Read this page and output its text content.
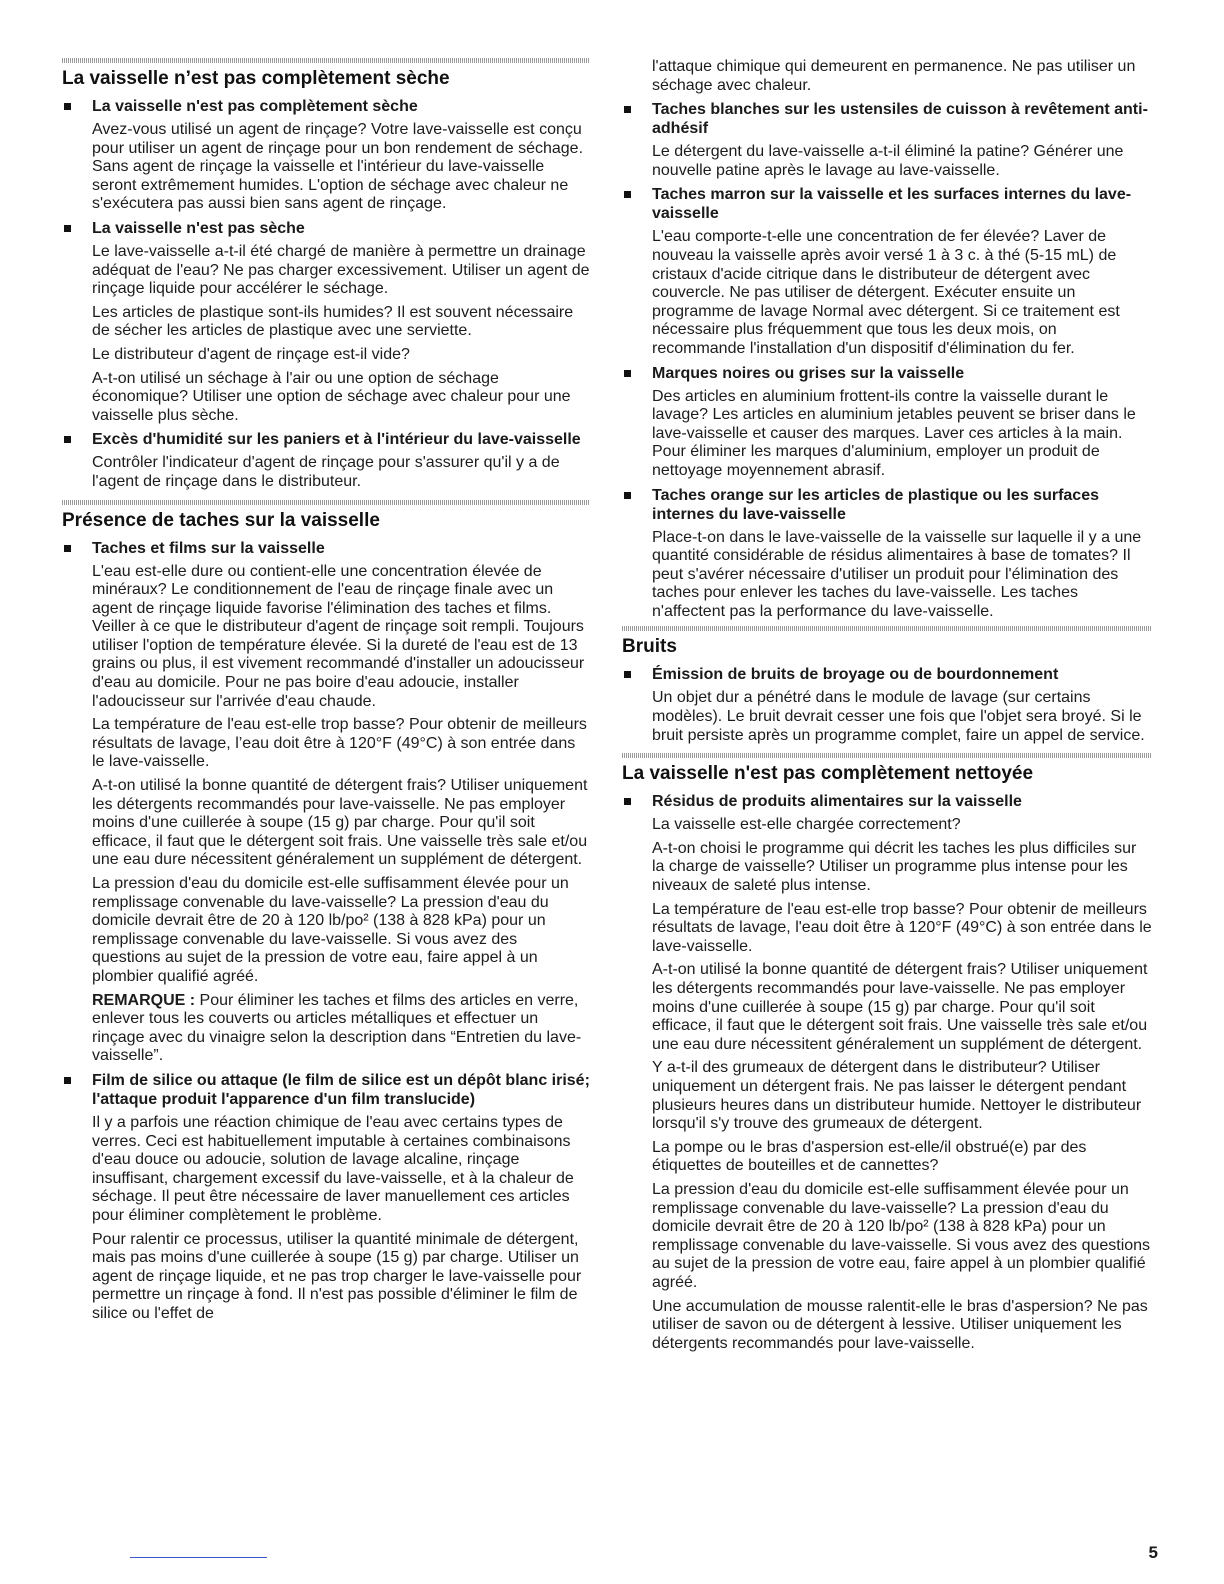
La vaisselle n’est pas complètement sèche
La vaisselle n'est pas complètement sèche

Avez-vous utilisé un agent de rinçage? Votre lave-vaisselle est conçu pour utiliser un agent de rinçage pour un bon rendement de séchage. Sans agent de rinçage la vaisselle et l'intérieur du lave-vaisselle seront extrêmement humides. L'option de séchage avec chaleur ne s'exécutera pas aussi bien sans agent de rinçage.

La vaisselle n'est pas sèche

Le lave-vaisselle a-t-il été chargé de manière à permettre un drainage adéquat de l'eau? Ne pas charger excessivement. Utiliser un agent de rinçage liquide pour accélérer le séchage.

Les articles de plastique sont-ils humides? Il est souvent nécessaire de sécher les articles de plastique avec une serviette.

Le distributeur d'agent de rinçage est-il vide?

A-t-on utilisé un séchage à l'air ou une option de séchage économique? Utiliser une option de séchage avec chaleur pour une vaisselle plus sèche.

Excès d'humidité sur les paniers et à l'intérieur du lave-vaisselle

Contrôler l'indicateur d'agent de rinçage pour s'assurer qu'il y a de l'agent de rinçage dans le distributeur.

Présence de taches sur la vaisselle
Taches et films sur la vaisselle

L'eau est-elle dure ou contient-elle une concentration élevée de minéraux? Le conditionnement de l'eau de rinçage finale avec un agent de rinçage liquide favorise l'élimination des taches et films. Veiller à ce que le distributeur d'agent de rinçage soit rempli. Toujours utiliser l'option de température élevée. Si la dureté de l'eau est de 13 grains ou plus, il est vivement recommandé d'installer un adoucisseur d'eau au domicile. Pour ne pas boire d'eau adoucie, installer l'adoucisseur sur l'arrivée d'eau chaude.

La température de l'eau est-elle trop basse? Pour obtenir de meilleurs résultats de lavage, l’eau doit être à 120°F (49°C) à son entrée dans le lave-vaisselle.

A-t-on utilisé la bonne quantité de détergent frais? Utiliser uniquement les détergents recommandés pour lave-vaisselle. Ne pas employer moins d'une cuillerée à soupe (15 g) par charge. Pour qu'il soit efficace, il faut que le détergent soit frais. Une vaisselle très sale et/ou une eau dure nécessitent généralement un supplément de détergent.

La pression d'eau du domicile est-elle suffisamment élevée pour un remplissage convenable du lave-vaisselle? La pression d'eau du domicile devrait être de 20 à 120 lb/po² (138 à 828 kPa) pour un remplissage convenable du lave-vaisselle. Si vous avez des questions au sujet de la pression de votre eau, faire appel à un plombier qualifié agréé.

REMARQUE : Pour éliminer les taches et films des articles en verre, enlever tous les couverts ou articles métalliques et effectuer un rinçage avec du vinaigre selon la description dans “Entretien du lave-vaisselle”.

Film de silice ou attaque (le film de silice est un dépôt blanc irisé; l'attaque produit l'apparence d'un film translucide)

Il y a parfois une réaction chimique de l'eau avec certains types de verres. Ceci est habituellement imputable à certaines combinaisons d'eau douce ou adoucie, solution de lavage alcaline, rinçage insuffisant, chargement excessif du lave-vaisselle, et à la chaleur de séchage. Il peut être nécessaire de laver manuellement ces articles pour éliminer complètement le problème.

Pour ralentir ce processus, utiliser la quantité minimale de détergent, mais pas moins d'une cuillerée à soupe (15 g) par charge. Utiliser un agent de rinçage liquide, et ne pas trop charger le lave-vaisselle pour permettre un rinçage à fond. Il n'est pas possible d'éliminer le film de silice ou l'effet de

l'attaque chimique qui demeurent en permanence. Ne pas utiliser un séchage avec chaleur.

Taches blanches sur les ustensiles de cuisson à revêtement anti-adhésif

Le détergent du lave-vaisselle a-t-il éliminé la patine? Générer une nouvelle patine après le lavage au lave-vaisselle.

Taches marron sur la vaisselle et les surfaces internes du lave-vaisselle

L'eau comporte-t-elle une concentration de fer élevée? Laver de nouveau la vaisselle après avoir versé 1 à 3 c. à thé (5-15 mL) de cristaux d'acide citrique dans le distributeur de détergent avec couvercle. Ne pas utiliser de détergent. Exécuter ensuite un programme de lavage Normal avec détergent. Si ce traitement est nécessaire plus fréquemment que tous les deux mois, on recommande l'installation d'un dispositif d'élimination du fer.

Marques noires ou grises sur la vaisselle

Des articles en aluminium frottent-ils contre la vaisselle durant le lavage? Les articles en aluminium jetables peuvent se briser dans le lave-vaisselle et causer des marques. Laver ces articles à la main. Pour éliminer les marques d'aluminium, employer un produit de nettoyage moyennement abrasif.

Taches orange sur les articles de plastique ou les surfaces internes du lave-vaisselle

Place-t-on dans le lave-vaisselle de la vaisselle sur laquelle il y a une quantité considérable de résidus alimentaires à base de tomates? Il peut s'avérer nécessaire d'utiliser un produit pour l'élimination des taches pour enlever les taches du lave-vaisselle. Les taches n'affectent pas la performance du lave-vaisselle.

Bruits
Émission de bruits de broyage ou de bourdonnement

Un objet dur a pénétré dans le module de lavage (sur certains modèles). Le bruit devrait cesser une fois que l'objet sera broyé. Si le bruit persiste après un programme complet, faire un appel de service.

La vaisselle n'est pas complètement nettoyée
Résidus de produits alimentaires sur la vaisselle

La vaisselle est-elle chargée correctement?

A-t-on choisi le programme qui décrit les taches les plus difficiles sur la charge de vaisselle? Utiliser un programme plus intense pour les niveaux de saleté plus intense.

La température de l'eau est-elle trop basse? Pour obtenir de meilleurs résultats de lavage, l'eau doit être à 120°F (49°C) à son entrée dans le lave-vaisselle.

A-t-on utilisé la bonne quantité de détergent frais? Utiliser uniquement les détergents recommandés pour lave-vaisselle. Ne pas employer moins d'une cuillerée à soupe (15 g) par charge. Pour qu'il soit efficace, il faut que le détergent soit frais. Une vaisselle très sale et/ou une eau dure nécessitent généralement un supplément de détergent.

Y a-t-il des grumeaux de détergent dans le distributeur? Utiliser uniquement un détergent frais. Ne pas laisser le détergent pendant plusieurs heures dans un distributeur humide. Nettoyer le distributeur lorsqu'il s'y trouve des grumeaux de détergent.

La pompe ou le bras d'aspersion est-elle/il obstrué(e) par des étiquettes de bouteilles et de cannettes?

La pression d'eau du domicile est-elle suffisamment élevée pour un remplissage convenable du lave-vaisselle? La pression d'eau du domicile devrait être de 20 à 120 lb/po² (138 à 828 kPa) pour un remplissage convenable du lave-vaisselle. Si vous avez des questions au sujet de la pression de votre eau, faire appel à un plombier qualifié agréé.

Une accumulation de mousse ralentit-elle le bras d'aspersion? Ne pas utiliser de savon ou de détergent à lessive. Utiliser uniquement les détergents recommandés pour lave-vaisselle.

5
